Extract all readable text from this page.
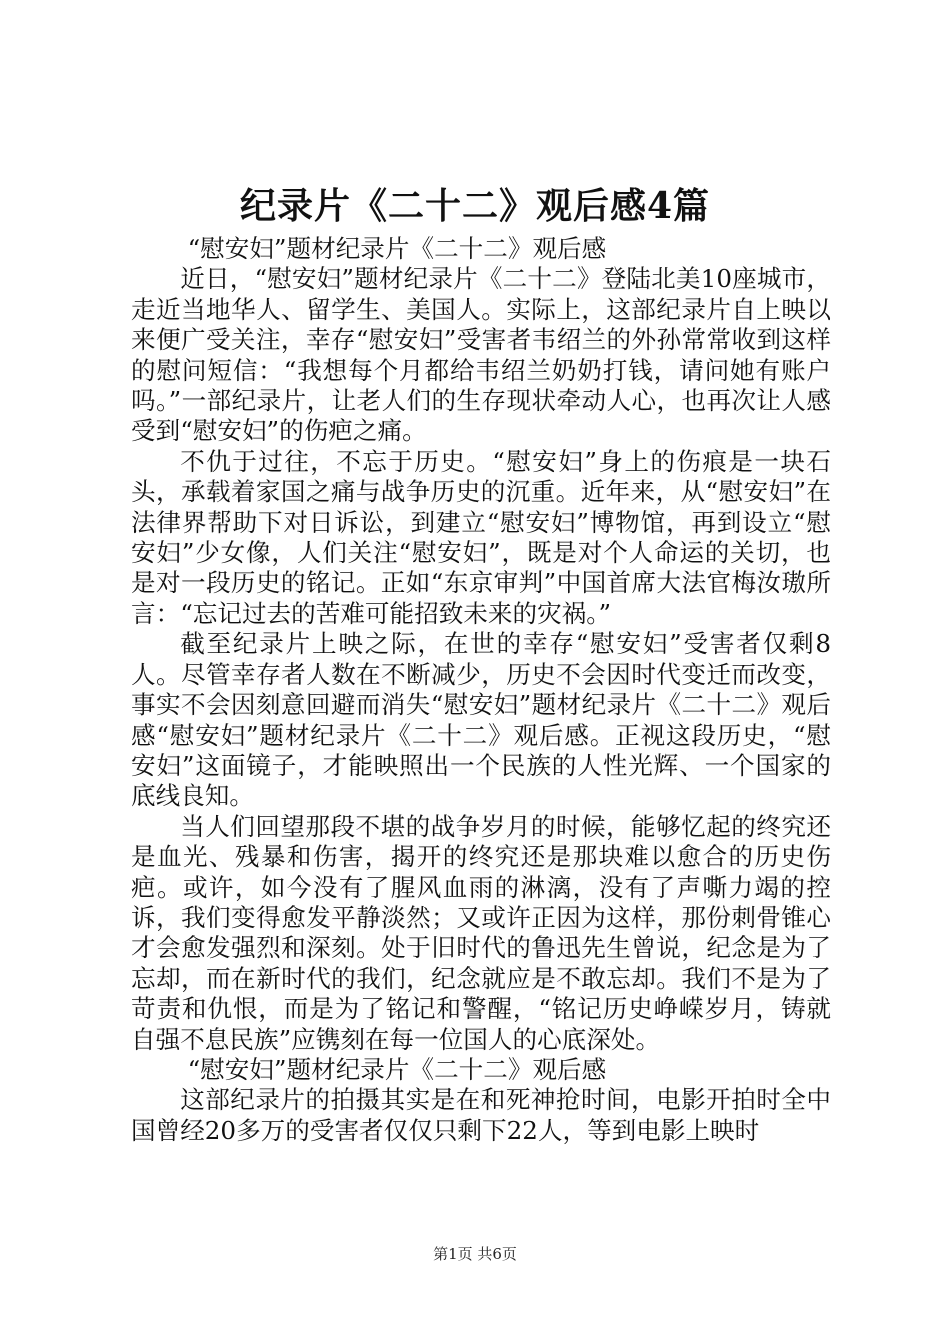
纪录片《二十二》观后感4篇

“慰安妇”题材纪录片《二十二》观后感

近日，“慰安妇”题材纪录片《二十二》登陆北美10座城市，走近当地华人、留学生、美国人。实际上，这部纪录片自上映以来便广受关注，幸存“慰安妇”受害者韦绍兰的外孙常常收到这样的慰问短信：“我想每个月都给韦绍兰奶奶打钱，请问她有账户吗。”一部纪录片，让老人们的生存现状牵动人心，也再次让人感受到“慰安妇”的伤疤之痛。

不仇于过往，不忘于历史。“慰安妇”身上的伤痕是一块石头，承载着家国之痛与战争历史的沉重。近年来，从“慰安妇”在法律界帮助下对日诉讼，到建立“慰安妇”博物馆，再到设立“慰安妇”少女像，人们关注“慰安妇”，既是对个人命运的关切，也是对一段历史的铭记。正如“东京审判”中国首席大法官梅汝璈所言：“忘记过去的苦难可能招致未来的灾祸。”

截至纪录片上映之际，在世的幸存“慰安妇”受害者仅剩8人。尽管幸存者人数在不断减少，历史不会因时代变迁而改变，事实不会因刻意回避而消失“慰安妇”题材纪录片《二十二》观后感“慰安妇”题材纪录片《二十二》观后感。正视这段历史，“慰安妇”这面镜子，才能映照出一个民族的人性光辉、一个国家的底线良知。

当人们回望那段不堪的战争岁月的时候，能够忆起的终究还是血光、残暴和伤害，揭开的终究还是那块难以愈合的历史伤疤。或许，如今没有了腥风血雨的淋漓，没有了声嘶力竭的控诉，我们变得愈发平静淡然；又或许正因为这样，那份刺骨锥心才会愈发强烈和深刻。处于旧时代的鲁迅先生曾说，纪念是为了忘却，而在新时代的我们，纪念就应是不敢忘却。我们不是为了苛责和仇恨，而是为了铭记和警醒，“铭记历史峥嵘岁月，铸就自强不息民族”应镌刻在每一位国人的心底深处。

“慰安妇”题材纪录片《二十二》观后感

这部纪录片的拍摄其实是在和死神抢时间，电影开拍时全中国曾经20多万的受害者仅仅只剩下22人，等到电影上映时

第1页 共6页
